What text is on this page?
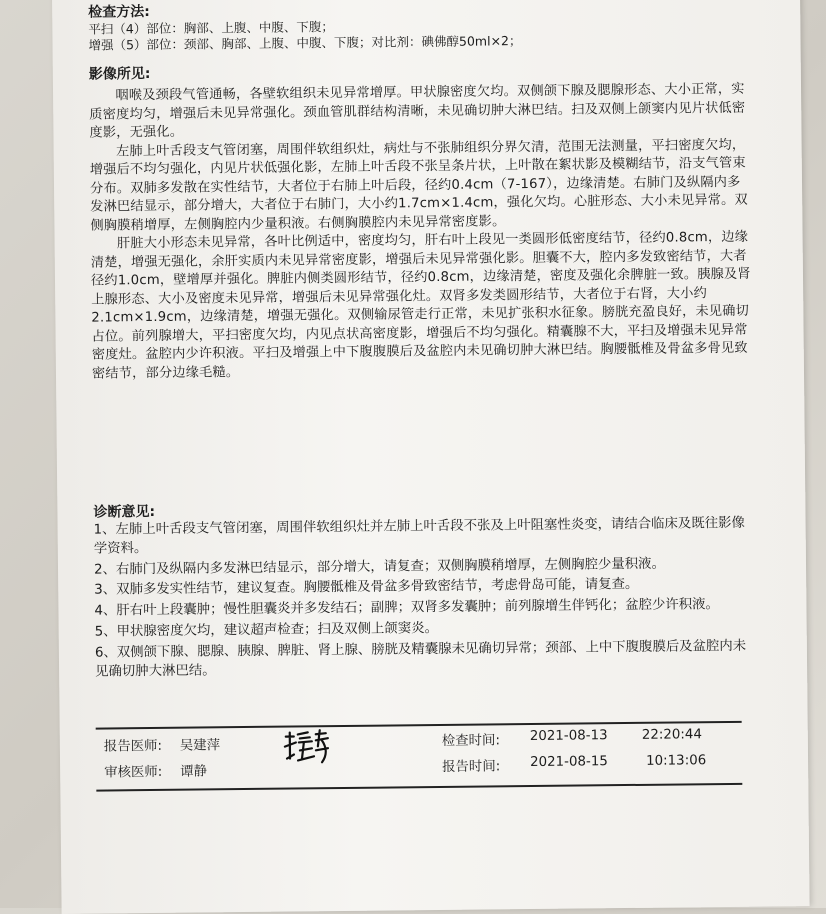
检查方法:
平扫（4）部位：胸部、上腹、中腹、下腹；
增强（5）部位：颈部、胸部、上腹、中腹、下腹；对比剂：碘佛醇50ml×2；
影像所见:

咽喉及颈段气管通畅，各壁软组织未见异常增厚。甲状腺密度欠均。双侧颌下腺及腮腺形态、大小正常，实质密度均匀，增强后未见异常强化。颈血管肌群结构清晰，未见确切肿大淋巴结。扫及双侧上颌窦内见片状低密度影，无强化。

左肺上叶舌段支气管闭塞，周围伴软组织灶，病灶与不张肺组织分界欠清，范围无法测量，平扫密度欠均，增强后不均匀强化，内见片状低强化影，左肺上叶舌段不张呈条片状，上叶散在絮状影及模糊结节，沿支气管束分布。双肺多发散在实性结节，大者位于右肺上叶后段，径约0.4cm（7-167），边缘清楚。右肺门及纵隔内多发淋巴结显示，部分增大，大者位于右肺门，大小约1.7cm×1.4cm，强化欠均。心脏形态、大小未见异常。双侧胸膜稍增厚，左侧胸腔内少量积液。右侧胸膜腔内未见异常密度影。

肝脏大小形态未见异常，各叶比例适中，密度均匀，肝右叶上段见一类圆形低密度结节，径约0.8cm，边缘清楚，增强无强化，余肝实质内未见异常密度影，增强后未见异常强化影。胆囊不大，腔内多发致密结节，大者径约1.0cm，壁增厚并强化。脾脏内侧类圆形结节，径约0.8cm，边缘清楚，密度及强化余脾脏一致。胰腺及肾上腺形态、大小及密度未见异常，增强后未见异常强化灶。双肾多发类圆形结节，大者位于右肾，大小约2.1cm×1.9cm，边缘清楚，增强无强化。双侧输尿管走行正常，未见扩张积水征象。膀胱充盈良好，未见确切占位。前列腺增大，平扫密度欠均，内见点状高密度影，增强后不均匀强化。精囊腺不大，平扫及增强未见异常密度灶。盆腔内少许积液。平扫及增强上中下腹腹膜后及盆腔内未见确切肿大淋巴结。胸腰骶椎及骨盆多骨见致密结节，部分边缘毛糙。

诊断意见:
1、左肺上叶舌段支气管闭塞，周围伴软组织灶并左肺上叶舌段不张及上叶阻塞性炎变，请结合临床及既往影像学资料。
2、右肺门及纵隔内多发淋巴结显示，部分增大，请复查；双侧胸膜稍增厚，左侧胸腔少量积液。
3、双肺多发实性结节，建议复查。胸腰骶椎及骨盆多骨致密结节，考虑骨岛可能，请复查。
4、肝右叶上段囊肿；慢性胆囊炎并多发结石；副脾；双肾多发囊肿；前列腺增生伴钙化；盆腔少许积液。
5、甲状腺密度欠均，建议超声检查；扫及双侧上颌窦炎。
6、双侧颌下腺、腮腺、胰腺、脾脏、肾上腺、膀胱及精囊腺未见确切异常；颈部、上中下腹腹膜后及盆腔内未见确切肿大淋巴结。
报告医师: 吴建萍
审核医师: 谭静
检查时间: 2021-08-13	22:20:44
报告时间: 2021-08-15	10:13:06
